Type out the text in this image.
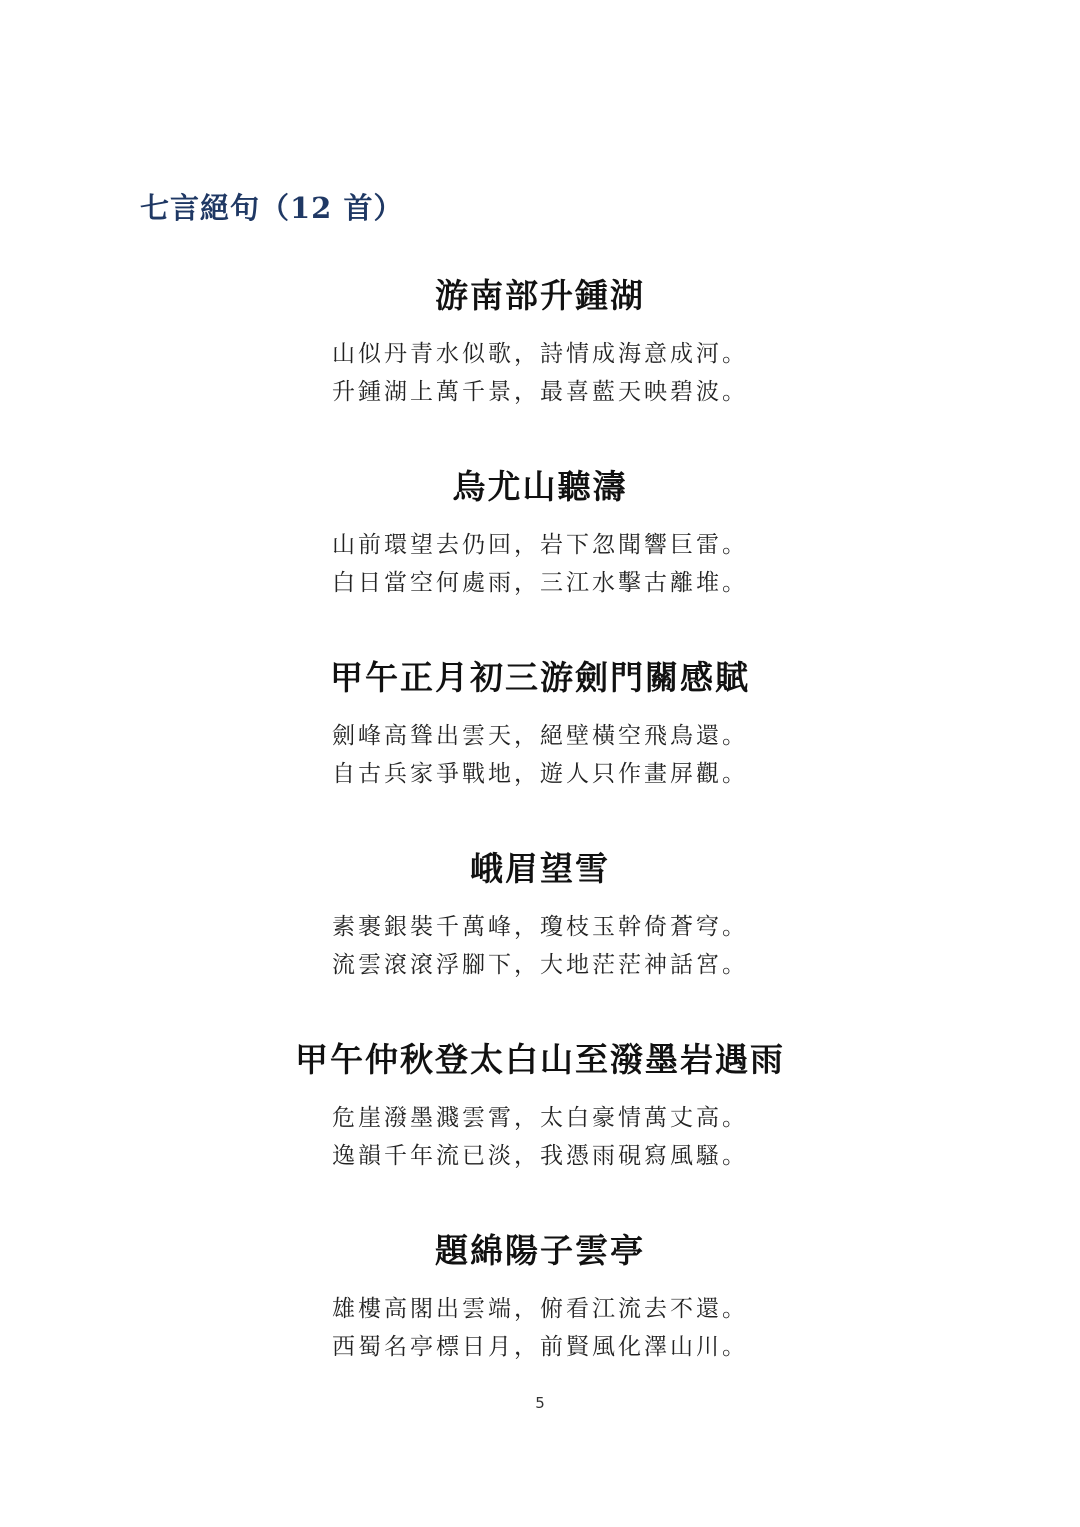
七言絕句（12 首）
游南部升鍾湖
山似丹青水似歌，詩情成海意成河。
升鍾湖上萬千景，最喜藍天映碧波。
烏尤山聽濤
山前環望去仍回，岩下忽聞響巨雷。
白日當空何處雨，三江水擊古離堆。
甲午正月初三游劍門關感賦
劍峰高聳出雲天，絕壁橫空飛鳥還。
自古兵家爭戰地，遊人只作畫屏觀。
峨眉望雪
素裹銀裝千萬峰，瓊枝玉幹倚蒼穹。
流雲滾滾浮腳下，大地茫茫神話宮。
甲午仲秋登太白山至潑墨岩遇雨
危崖潑墨濺雲霄，太白豪情萬丈高。
逸韻千年流已淡，我憑雨硯寫風騷。
題綿陽子雲亭
雄樓高閣出雲端，俯看江流去不還。
西蜀名亭標日月，前賢風化澤山川。
5
